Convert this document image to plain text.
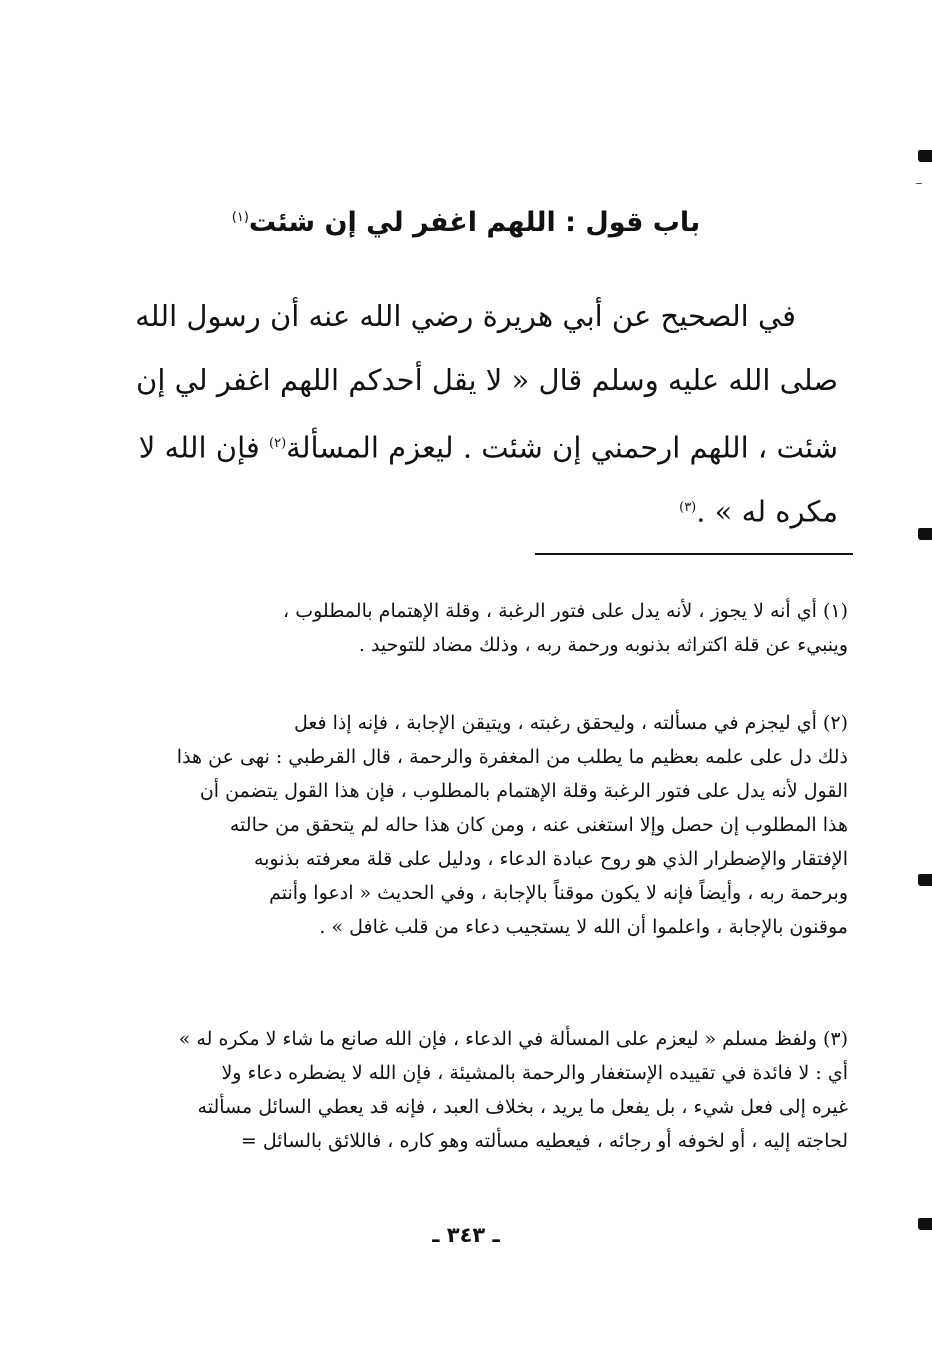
باب قول : اللهم اغفر لي إن شئت$^{(١)}$
في الصحيح عن أبي هريرة رضي الله عنه أن رسول الله
صلى الله عليه وسلم قال « لا يقل أحدكم اللهم اغفر لي إن
شئت ، اللهم ارحمني إن شئت . ليعزم المسألة$^{(٢)}$ فإن الله لا
مكره له » .$^{(٣)}$
(١) أي أنه لا يجوز ، لأنه يدل على فتور الرغبة ، وقلة الإهتمام بالمطلوب ،
وينبيء عن قلة اكتراثه بذنوبه ورحمة ربه ، وذلك مضاد للتوحيد .
(٢) أي ليجزم في مسألته ، وليحقق رغبته ، ويتيقن الإجابة ، فإنه إذا فعل
ذلك دل على علمه بعظيم ما يطلب من المغفرة والرحمة ، قال القرطبي : نهى عن هذا
القول لأنه يدل على فتور الرغبة وقلة الإهتمام بالمطلوب ، فإن هذا القول يتضمن أن
هذا المطلوب إن حصل وإلا استغنى عنه ، ومن كان هذا حاله لم يتحقق من حالته
الإفتقار والإضطرار الذي هو روح عبادة الدعاء ، ودليل على قلة معرفته بذنوبه
وبرحمة ربه ، وأيضاً فإنه لا يكون موقناً بالإجابة ، وفي الحديث « ادعوا وأنتم
موقنون بالإجابة ، واعلموا أن الله لا يستجيب دعاء من قلب غافل » .
(٣) ولفظ مسلم « ليعزم على المسألة في الدعاء ، فإن الله صانع ما شاء لا مكره له »
أي : لا فائدة في تقييده الإستغفار والرحمة بالمشيئة ، فإن الله لا يضطره دعاء ولا
غيره إلى فعل شيء ، بل يفعل ما يريد ، بخلاف العبد ، فإنه قد يعطي السائل مسألته
لحاجته إليه ، أو لخوفه أو رجائه ، فيعطيه مسألته وهو كاره ، فاللائق بالسائل =
ـ ٣٤٣ ـ
